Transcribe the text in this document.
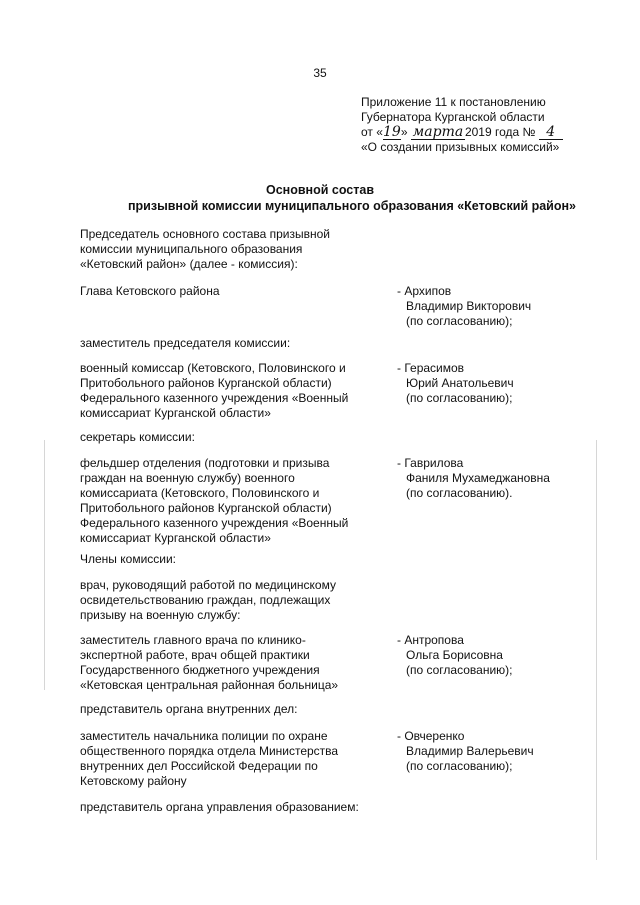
35
Приложение 11 к постановлению
Губернатора Курганской области
от «19» марта 2019 года № 4
«О создании призывных комиссий»
Основной состав
призывной комиссии муниципального образования «Кетовский район»
Председатель основного состава призывной
комиссии муниципального образования
«Кетовский район» (далее - комиссия):
Глава Кетовского района	- Архипов
Владимир Викторович
(по согласованию);
заместитель председателя комиссии:
военный комиссар (Кетовского, Половинского и
Притобольного районов Курганской области)
Федерального казенного учреждения «Военный
комиссариат Курганской области»
- Герасимов
Юрий Анатольевич
(по согласованию);
секретарь комиссии:
фельдшер отделения (подготовки и призыва
граждан на военную службу) военного
комиссариата (Кетовского, Половинского и
Притобольного районов Курганской области)
Федерального казенного учреждения «Военный
комиссариат Курганской области»
- Гаврилова
Фаниля Мухамеджановна
(по согласованию).
Члены комиссии:
врач, руководящий работой по медицинскому
освидетельствованию граждан, подлежащих
призыву на военную службу:
заместитель главного врача по клинико-
экспертной работе, врач общей практики
Государственного бюджетного учреждения
«Кетовская центральная районная больница»
- Антропова
Ольга Борисовна
(по согласованию);
представитель органа внутренних дел:
заместитель начальника полиции по охране
общественного порядка отдела Министерства
внутренних дел Российской Федерации по
Кетовскому району
- Овчеренко
Владимир Валерьевич
(по согласованию);
представитель органа управления образованием:
